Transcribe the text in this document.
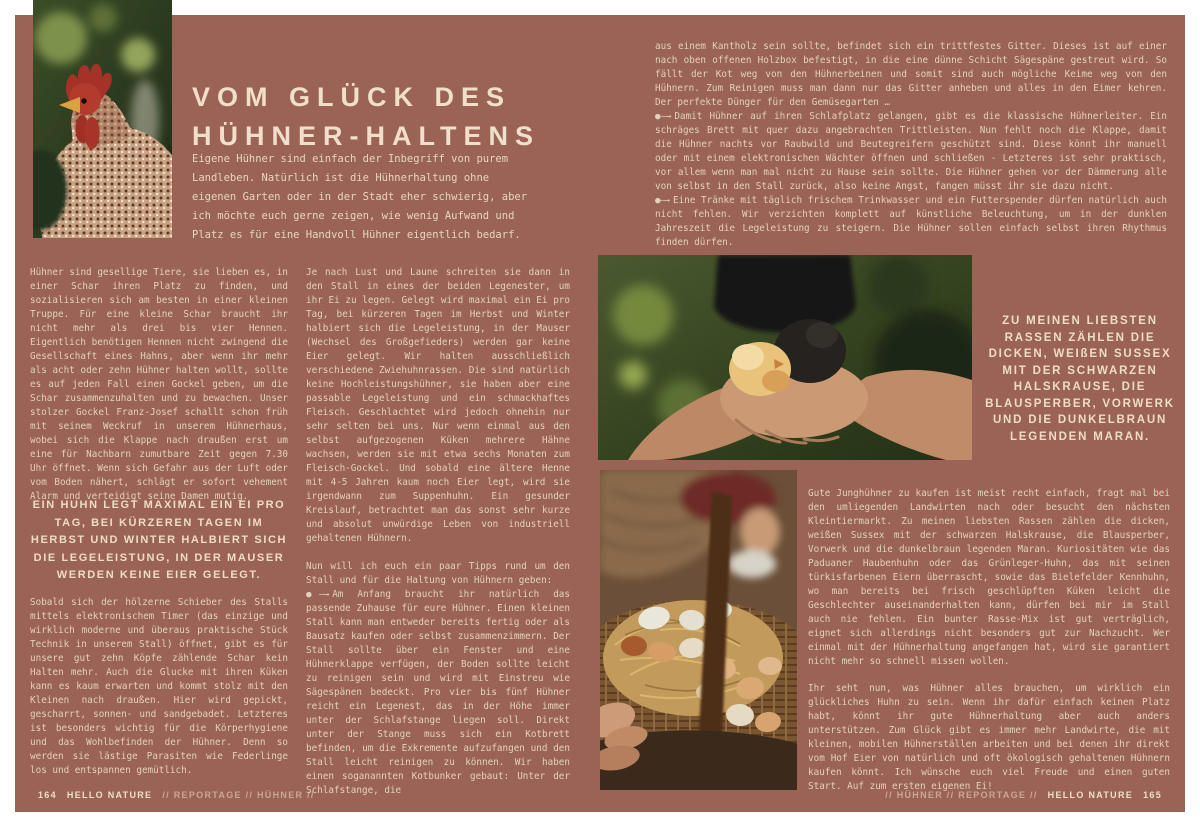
VOM GLÜCK DES
HÜHNER-HALTENS

Eigene Hühner sind einfach der Inbegriff von purem Landleben. Natürlich ist die Hühnerhaltung ohne eigenen Garten oder in der Stadt eher schwierig, aber ich möchte euch gerne zeigen, wie wenig Aufwand und Platz es für eine Handvoll Hühner eigentlich bedarf.

Hühner sind gesellige Tiere, sie lieben es, in einer Schar ihren Platz zu finden, und sozialisieren sich am besten in einer kleinen Truppe. Für eine kleine Schar braucht ihr nicht mehr als drei bis vier Hennen. Eigentlich benötigen Hennen nicht zwingend die Gesellschaft eines Hahns, aber wenn ihr mehr als acht oder zehn Hühner halten wollt, sollte es auf jeden Fall einen Gockel geben, um die Schar zusammenzuhalten und zu bewachen. Unser stolzer Gockel Franz-Josef schallt schon früh mit seinem Weckruf in unserem Hühnerhaus, wobei sich die Klappe nach draußen erst um eine für Nachbarn zumutbare Zeit gegen 7.30 Uhr öffnet. Wenn sich Gefahr aus der Luft oder vom Boden nähert, schlägt er sofort vehement Alarm und verteidigt seine Damen mutig.

EIN HUHN LEGT MAXIMAL EIN EI PRO TAG, BEI KÜRZEREN TAGEN IM HERBST UND WINTER HALBIERT SICH DIE LEGELEISTUNG, IN DER MAUSER WERDEN KEINE EIER GELEGT.

Sobald sich der hölzerne Schieber des Stalls mittels elektronischem Timer (das einzige und wirklich moderne und überaus praktische Stück Technik in unserem Stall) öffnet, gibt es für unsere gut zehn Köpfe zählende Schar kein Halten mehr. Auch die Glucke mit ihren Küken kann es kaum erwarten und kommt stolz mit den Kleinen nach draußen. Hier wird gepickt, gescharrt, sonnen- und sandgebadet. Letzteres ist besonders wichtig für die Körperhygiene und das Wohlbefinden der Hühner. Denn so werden sie lästige Parasiten wie Federlinge los und entspannen gemütlich.

Je nach Lust und Laune schreiten sie dann in den Stall in eines der beiden Legenester, um ihr Ei zu legen. Gelegt wird maximal ein Ei pro Tag, bei kürzeren Tagen im Herbst und Winter halbiert sich die Legeleistung, in der Mauser (Wechsel des Großgefieders) werden gar keine Eier gelegt. Wir halten ausschließlich verschiedene Zwiehuhnrassen. Die sind natürlich keine Hochleistungshühner, sie haben aber eine passable Legeleistung und ein schmackhaftes Fleisch. Geschlachtet wird jedoch ohnehin nur sehr selten bei uns. Nur wenn einmal aus den selbst aufgezogenen Küken mehrere Hähne wachsen, werden sie mit etwa sechs Monaten zum Fleisch-Gockel. Und sobald eine ältere Henne mit 4-5 Jahren kaum noch Eier legt, wird sie irgendwann zum Suppenhuhn. Ein gesunder Kreislauf, betrachtet man das sonst sehr kurze und absolut unwürdige Leben von industriell gehaltenen Hühnern.

Nun will ich euch ein paar Tipps rund um den Stall und für die Haltung von Hühnern geben:

●—→ Am Anfang braucht ihr natürlich das passende Zuhause für eure Hühner. Einen kleinen Stall kann man entweder bereits fertig oder als Bausatz kaufen oder selbst zusammenzimmern. Der Stall sollte über ein Fenster und eine Hühnerklappe verfügen, der Boden sollte leicht zu reinigen sein und wird mit Einstreu wie Sägespänen bedeckt. Pro vier bis fünf Hühner reicht ein Legenest, das in der Höhe immer unter der Schlafstange liegen soll. Direkt unter der Stange muss sich ein Kotbrett befinden, um die Exkremente aufzufangen und den Stall leicht reinigen zu können. Wir haben einen soganannten Kotbunker gebaut: Unter der Schlafstange, die

aus einem Kantholz sein sollte, befindet sich ein trittfestes Gitter. Dieses ist auf einer nach oben offenen Holzbox befestigt, in die eine dünne Schicht Sägespäne gestreut wird. So fällt der Kot weg von den Hühnerbeinen und somit sind auch mögliche Keime weg von den Hühnern. Zum Reinigen muss man dann nur das Gitter anheben und alles in den Eimer kehren. Der perfekte Dünger für den Gemüsegarten …

●—→ Damit Hühner auf ihren Schlafplatz gelangen, gibt es die klassische Hühnerleiter. Ein schräges Brett mit quer dazu angebrachten Trittleisten. Nun fehlt noch die Klappe, damit die Hühner nachts vor Raubwild und Beutegreifern geschützt sind. Diese könnt ihr manuell oder mit einem elektronischen Wächter öffnen und schließen - Letzteres ist sehr praktisch, vor allem wenn man mal nicht zu Hause sein sollte. Die Hühner gehen vor der Dämmerung alle von selbst in den Stall zurück, also keine Angst, fangen müsst ihr sie dazu nicht.

●—→ Eine Tränke mit täglich frischem Trinkwasser und ein Futterspender dürfen natürlich auch nicht fehlen. Wir verzichten komplett auf künstliche Beleuchtung, um in der dunklen Jahreszeit die Legeleistung zu steigern. Die Hühner sollen einfach selbst ihren Rhythmus finden dürfen.

ZU MEINEN LIEBSTEN RASSEN ZÄHLEN DIE DICKEN, WEIßEN SUSSEX MIT DER SCHWARZEN HALSKRAUSE, DIE BLAUSPERBER, VORWERK UND DIE DUNKELBRAUN LEGENDEN MARAN.

Gute Junghühner zu kaufen ist meist recht einfach, fragt mal bei den umliegenden Landwirten nach oder besucht den nächsten Kleintiermarkt. Zu meinen liebsten Rassen zählen die dicken, weißen Sussex mit der schwarzen Halskrause, die Blausperber, Vorwerk und die dunkelbraun legenden Maran. Kuriositäten wie das Paduaner Haubenhuhn oder das Grünleger-Huhn, das mit seinen türkisfarbenen Eiern überrascht, sowie das Bielefelder Kennhuhn, wo man bereits bei frisch geschlüpften Küken leicht die Geschlechter auseinanderhalten kann, dürfen bei mir im Stall auch nie fehlen. Ein bunter Rasse-Mix ist gut verträglich, eignet sich allerdings nicht besonders gut zur Nachzucht. Wer einmal mit der Hühnerhaltung angefangen hat, wird sie garantiert nicht mehr so schnell missen wollen.

Ihr seht nun, was Hühner alles brauchen, um wirklich ein glückliches Huhn zu sein. Wenn ihr dafür einfach keinen Platz habt, könnt ihr gute Hühnerhaltung aber auch anders unterstützen. Zum Glück gibt es immer mehr Landwirte, die mit kleinen, mobilen Hühnerställen arbeiten und bei denen ihr direkt vom Hof Eier von natürlich und oft ökologisch gehaltenen Hühnern kaufen könnt. Ich wünsche euch viel Freude und einen guten Start. Auf zum ersten eigenen Ei!

164 HELLO NATURE // REPORTAGE // HÜHNER //	// HÜHNER // REPORTAGE // HELLO NATURE 165
